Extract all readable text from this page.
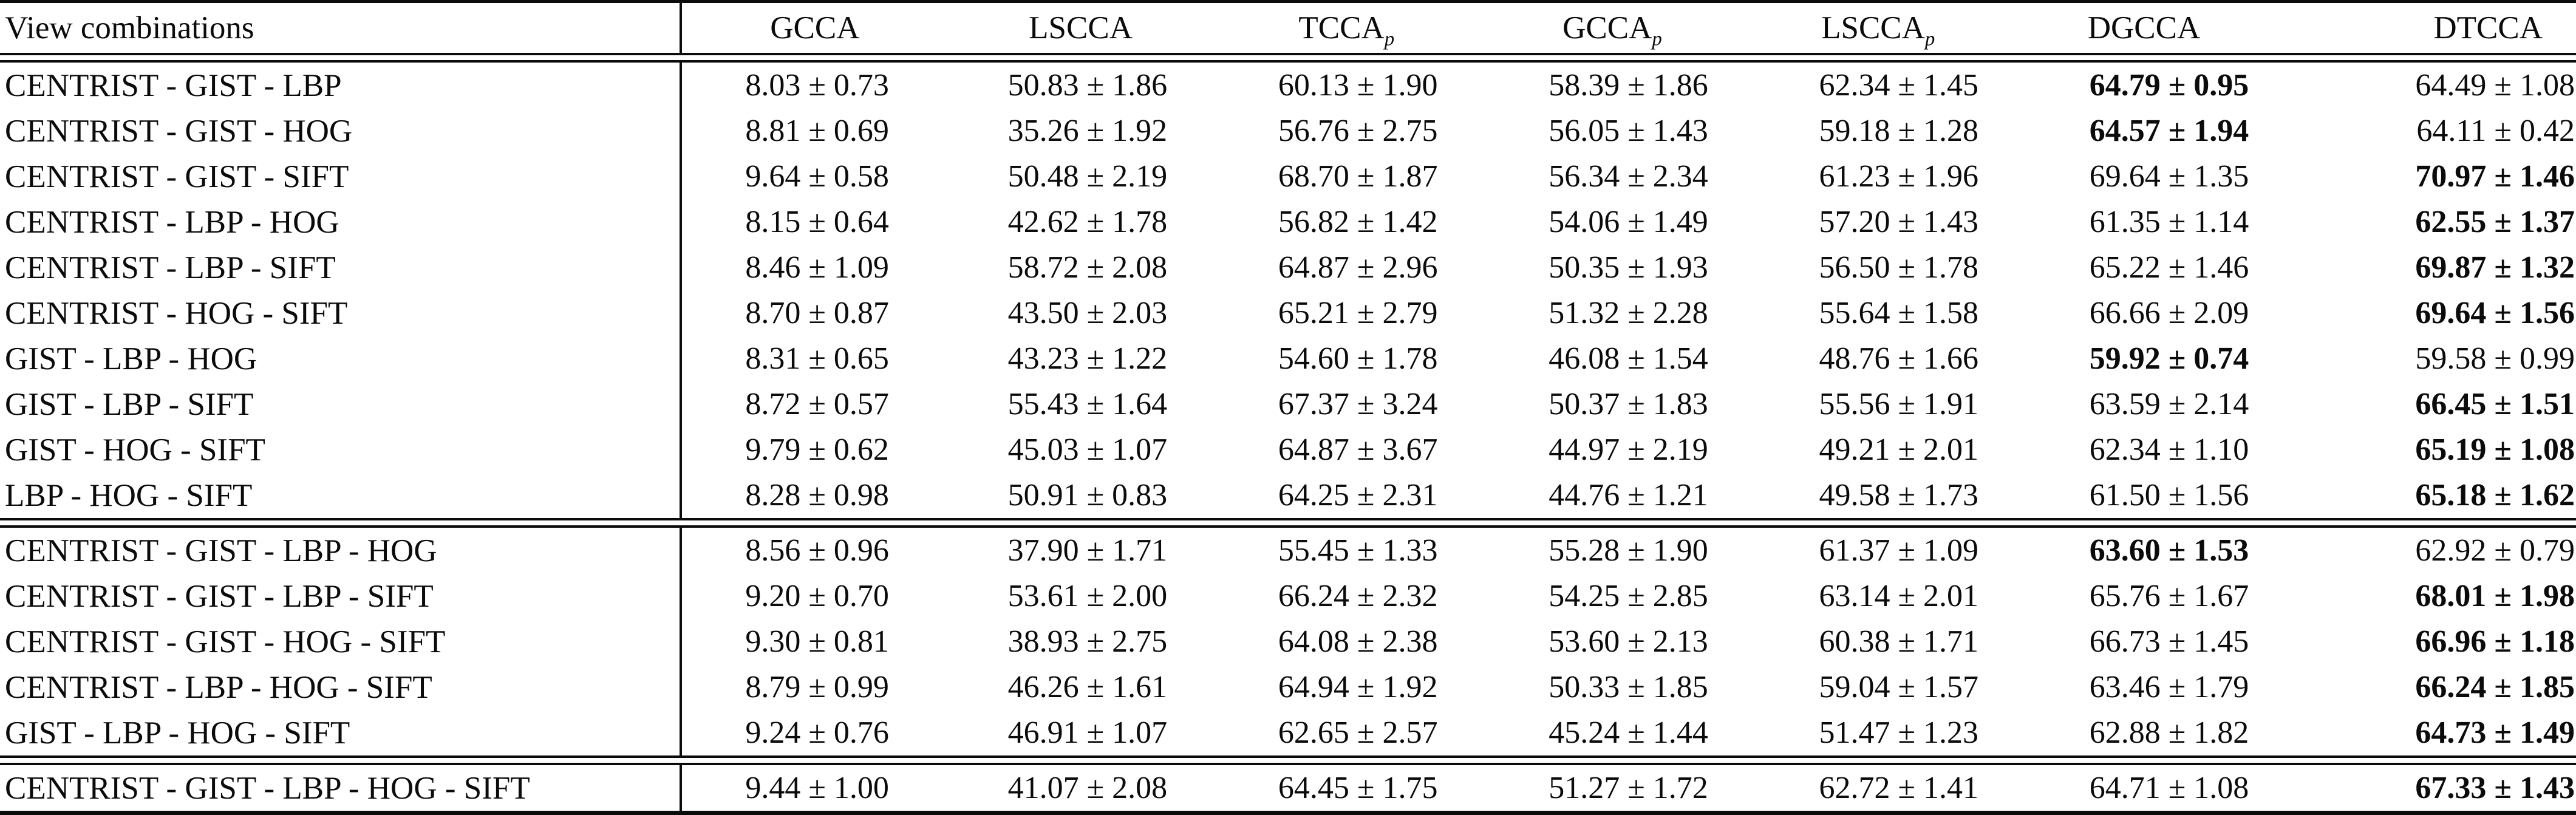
View combinations	GCCA	LSCCA	$TCCA_p$	$GCCA_p$	$LSCCA_p$	DGCCA	DTCCA
CENTRIST - GIST - LBP	8.03 ± 0.73	50.83 ± 1.86	60.13 ± 1.90	58.39 ± 1.86	62.34 ± 1.45	64.79 ± 0.95	64.49 ± 1.08
CENTRIST - GIST - HOG	8.81 ± 0.69	35.26 ± 1.92	56.76 ± 2.75	56.05 ± 1.43	59.18 ± 1.28	64.57 ± 1.94	64.11 ± 0.42
CENTRIST - GIST - SIFT	9.64 ± 0.58	50.48 ± 2.19	68.70 ± 1.87	56.34 ± 2.34	61.23 ± 1.96	69.64 ± 1.35	70.97 ± 1.46
CENTRIST - LBP - HOG	8.15 ± 0.64	42.62 ± 1.78	56.82 ± 1.42	54.06 ± 1.49	57.20 ± 1.43	61.35 ± 1.14	62.55 ± 1.37
CENTRIST - LBP - SIFT	8.46 ± 1.09	58.72 ± 2.08	64.87 ± 2.96	50.35 ± 1.93	56.50 ± 1.78	65.22 ± 1.46	69.87 ± 1.32
CENTRIST - HOG - SIFT	8.70 ± 0.87	43.50 ± 2.03	65.21 ± 2.79	51.32 ± 2.28	55.64 ± 1.58	66.66 ± 2.09	69.64 ± 1.56
GIST - LBP - HOG	8.31 ± 0.65	43.23 ± 1.22	54.60 ± 1.78	46.08 ± 1.54	48.76 ± 1.66	59.92 ± 0.74	59.58 ± 0.99
GIST - LBP - SIFT	8.72 ± 0.57	55.43 ± 1.64	67.37 ± 3.24	50.37 ± 1.83	55.56 ± 1.91	63.59 ± 2.14	66.45 ± 1.51
GIST - HOG - SIFT	9.79 ± 0.62	45.03 ± 1.07	64.87 ± 3.67	44.97 ± 2.19	49.21 ± 2.01	62.34 ± 1.10	65.19 ± 1.08
LBP - HOG - SIFT	8.28 ± 0.98	50.91 ± 0.83	64.25 ± 2.31	44.76 ± 1.21	49.58 ± 1.73	61.50 ± 1.56	65.18 ± 1.62
CENTRIST - GIST - LBP - HOG	8.56 ± 0.96	37.90 ± 1.71	55.45 ± 1.33	55.28 ± 1.90	61.37 ± 1.09	63.60 ± 1.53	62.92 ± 0.79
CENTRIST - GIST - LBP - SIFT	9.20 ± 0.70	53.61 ± 2.00	66.24 ± 2.32	54.25 ± 2.85	63.14 ± 2.01	65.76 ± 1.67	68.01 ± 1.98
CENTRIST - GIST - HOG - SIFT	9.30 ± 0.81	38.93 ± 2.75	64.08 ± 2.38	53.60 ± 2.13	60.38 ± 1.71	66.73 ± 1.45	66.96 ± 1.18
CENTRIST - LBP - HOG - SIFT	8.79 ± 0.99	46.26 ± 1.61	64.94 ± 1.92	50.33 ± 1.85	59.04 ± 1.57	63.46 ± 1.79	66.24 ± 1.85
GIST - LBP - HOG - SIFT	9.24 ± 0.76	46.91 ± 1.07	62.65 ± 2.57	45.24 ± 1.44	51.47 ± 1.23	62.88 ± 1.82	64.73 ± 1.49
CENTRIST - GIST - LBP - HOG - SIFT	9.44 ± 1.00	41.07 ± 2.08	64.45 ± 1.75	51.27 ± 1.72	62.72 ± 1.41	64.71 ± 1.08	67.33 ± 1.43
